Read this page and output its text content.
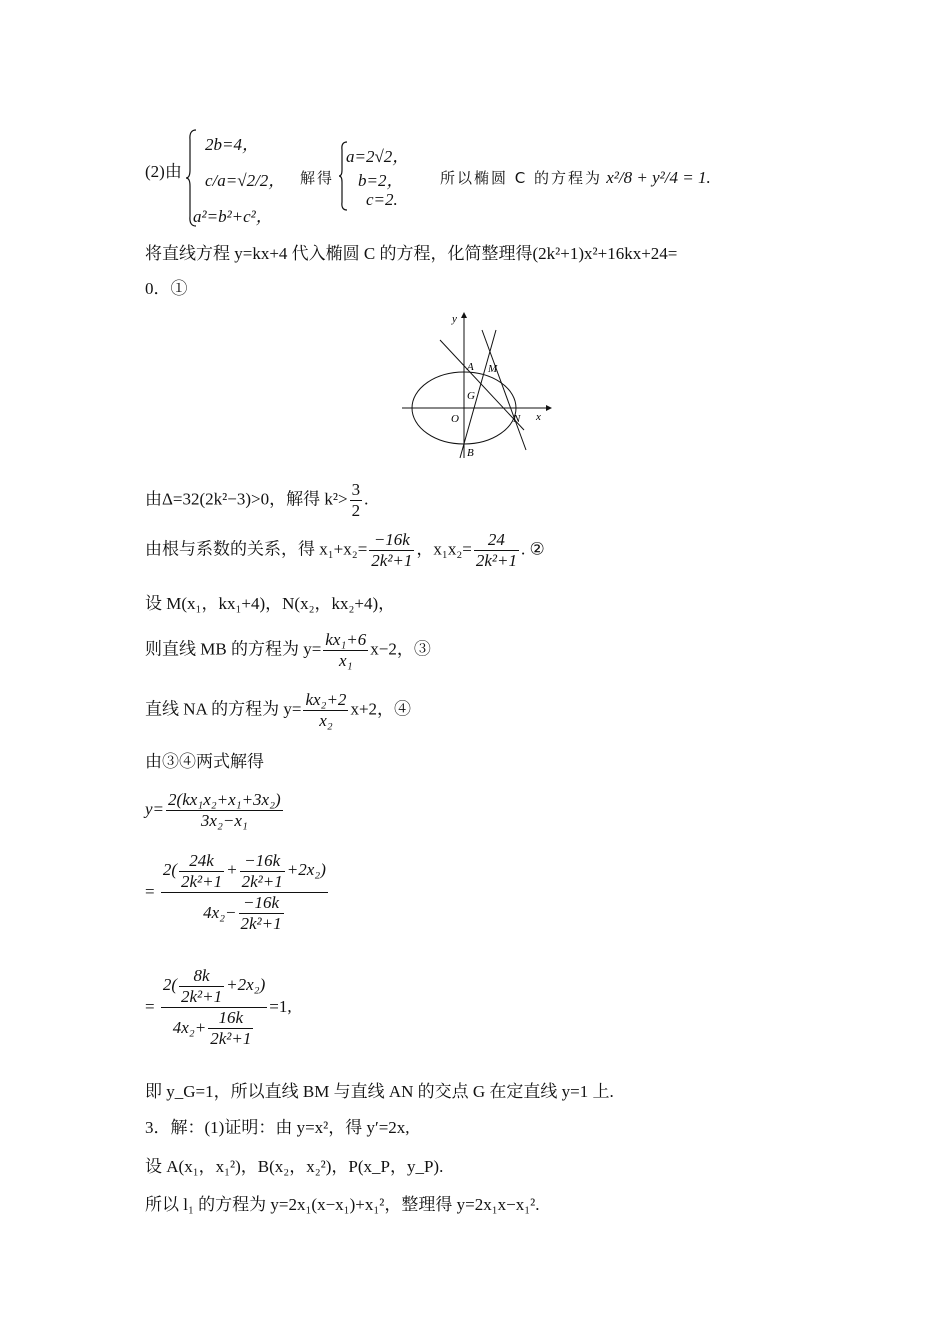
(2)由
2b=4，
c/a=√2/2，
a²=b²+c²，
解得
a=2√2，
b=2，
c=2.
所以椭圆 C 的方程为 x²/8 + y²/4 = 1.
将直线方程 y=kx+4 代入椭圆 C 的方程，化简整理得(2k²+1)x²+16kx+24=
0．①
y
x
O
A
B
M
N
G
由Δ=32(2k²−3)>0，解得 $k^2> \frac{3}{2}$ .
由根与系数的关系，得 $x_1+x_2= \frac{-16k}{\text{2k²+1}}$ ，$x_1x_2= \frac{24}{\text{2k²+1}}$ . ②
设 M(x₁，kx₁+4)，N(x₂，kx₂+4)，
则直线 MB 的方程为 $y= \frac{\text{kx₁+6}}{\text{x₁}} x-2$，③
直线 NA 的方程为 $y= \frac{\text{kx₂+2}}{\text{x₂}} x+2$，④
由③④两式解得
$y= \frac{\text{2(kx₁x₂+x₁+3x₂)}}{\text{3x₂−x₁}}$
= $\frac{2( \frac{24k}{\text{2k²+1}} + \frac{-16k}{\text{2k²+1}} +2x_2)}{4x_2- \frac{-16k}{\text{2k²+1}}}$
= $\frac{2( \frac{8k}{\text{2k²+1}} +2x_2)}{4x_2+ \frac{16k}{\text{2k²+1}}} =1$,
即 y_G=1，所以直线 BM 与直线 AN 的交点 G 在定直线 y=1 上.
3．解：(1)证明：由 y=x²，得 y′=2x,
设 A(x₁，x₁²)，B(x₂，x₂²)，P(x_P，y_P).
所以 l₁ 的方程为 y=2x₁(x−x₁)+x₁²，整理得 y=2x₁x−x₁².
